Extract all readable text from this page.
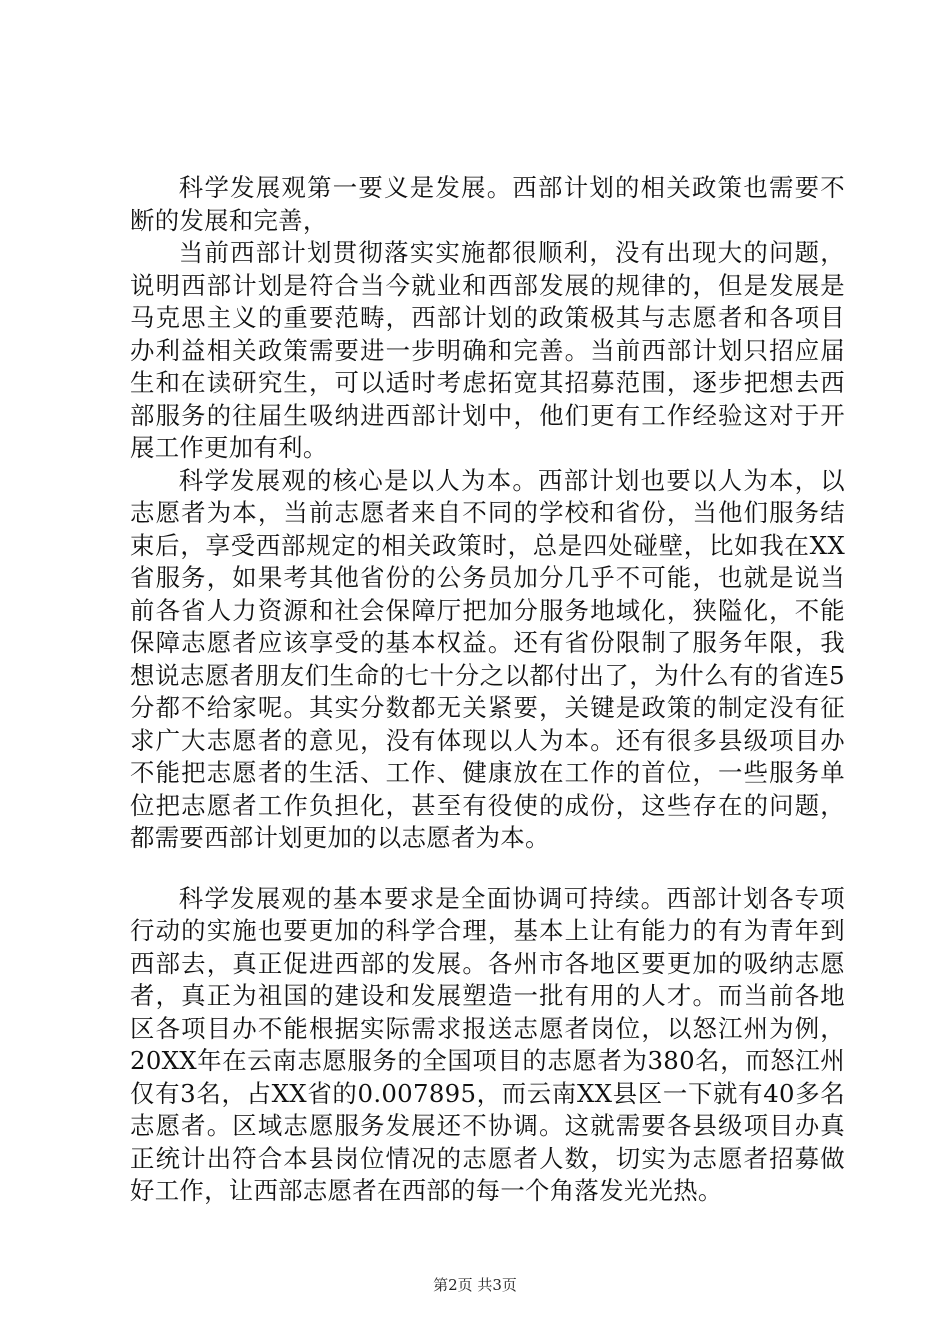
科学发展观第一要义是发展。西部计划的相关政策也需要不断的发展和完善，

当前西部计划贯彻落实实施都很顺利，没有出现大的问题，说明西部计划是符合当今就业和西部发展的规律的，但是发展是马克思主义的重要范畴，西部计划的政策极其与志愿者和各项目办利益相关政策需要进一步明确和完善。当前西部计划只招应届生和在读研究生，可以适时考虑拓宽其招募范围，逐步把想去西部服务的往届生吸纳进西部计划中，他们更有工作经验这对于开展工作更加有利。

科学发展观的核心是以人为本。西部计划也要以人为本，以志愿者为本，当前志愿者来自不同的学校和省份，当他们服务结束后，享受西部规定的相关政策时，总是四处碰壁，比如我在XX省服务，如果考其他省份的公务员加分几乎不可能，也就是说当前各省人力资源和社会保障厅把加分服务地域化，狭隘化，不能保障志愿者应该享受的基本权益。还有省份限制了服务年限，我想说志愿者朋友们生命的七十分之以都付出了，为什么有的省连5分都不给家呢。其实分数都无关紧要，关键是政策的制定没有征求广大志愿者的意见，没有体现以人为本。还有很多县级项目办不能把志愿者的生活、工作、健康放在工作的首位，一些服务单位把志愿者工作负担化，甚至有役使的成份，这些存在的问题，都需要西部计划更加的以志愿者为本。

科学发展观的基本要求是全面协调可持续。西部计划各专项行动的实施也要更加的科学合理，基本上让有能力的有为青年到西部去，真正促进西部的发展。各州市各地区要更加的吸纳志愿者，真正为祖国的建设和发展塑造一批有用的人才。而当前各地区各项目办不能根据实际需求报送志愿者岗位，以怒江州为例，20XX年在云南志愿服务的全国项目的志愿者为380名，而怒江州仅有3名，占XX省的0.007895，而云南XX县区一下就有40多名志愿者。区域志愿服务发展还不协调。这就需要各县级项目办真正统计出符合本县岗位情况的志愿者人数，切实为志愿者招募做好工作，让西部志愿者在西部的每一个角落发光光热。

第2页 共3页
